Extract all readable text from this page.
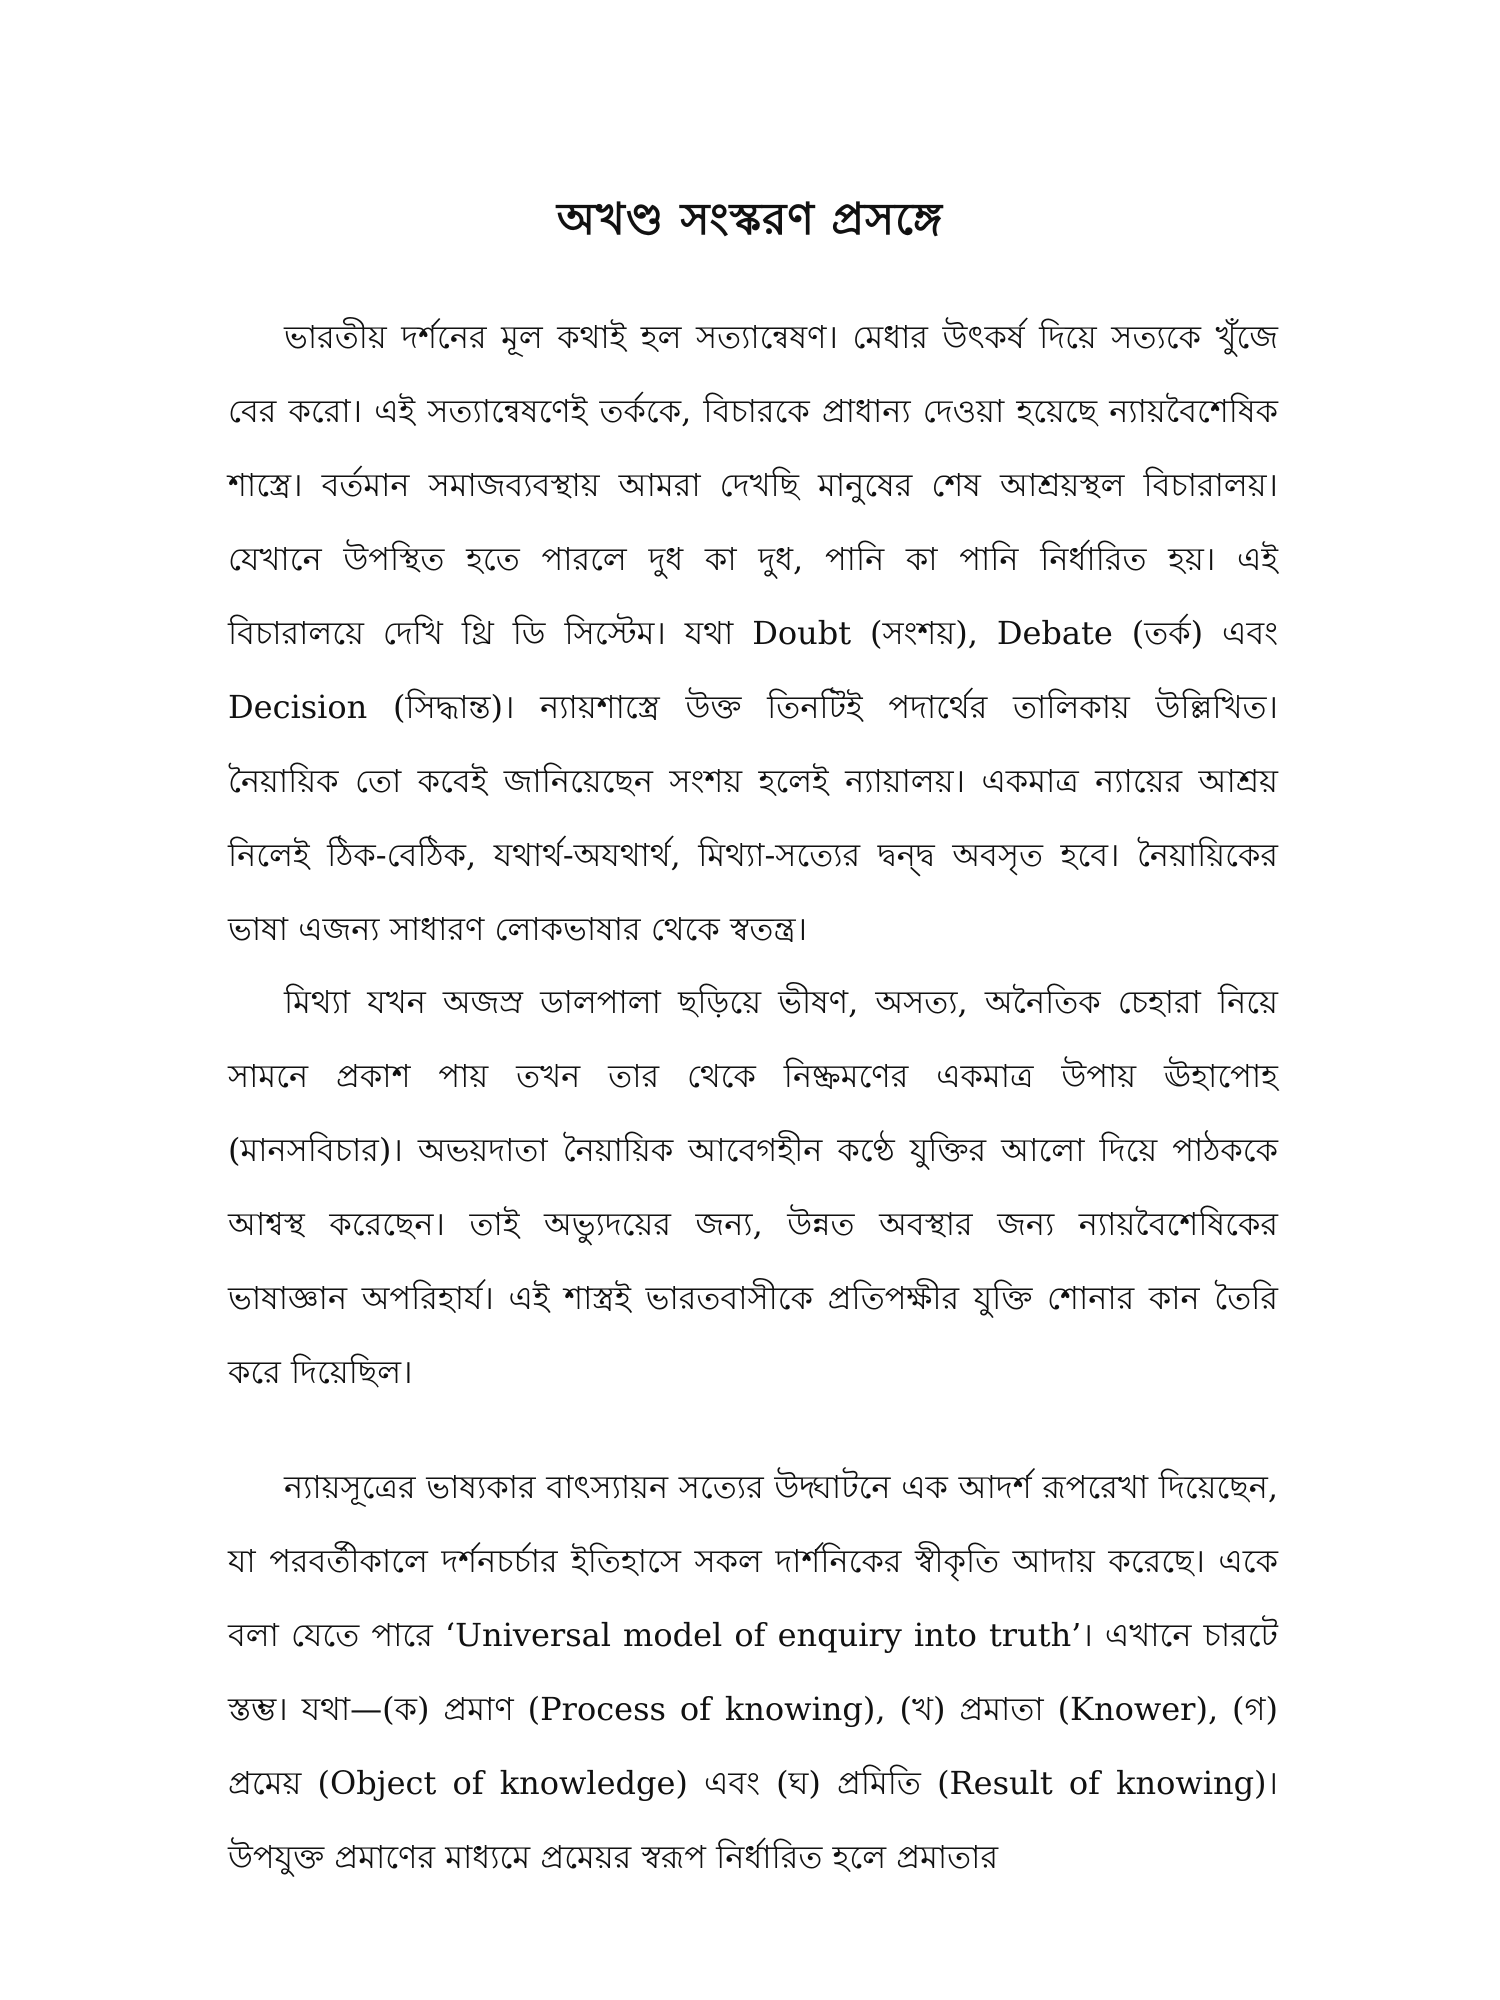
অখণ্ড সংস্করণ প্রসঙ্গে

ভারতীয় দর্শনের মূল কথাই হল সত্যান্বেষণ। মেধার উৎকর্ষ দিয়ে সত্যকে খুঁজে বের করো। এই সত্যান্বেষণেই তর্ককে, বিচারকে প্রাধান্য দেওয়া হয়েছে ন্যায়বৈশেষিক শাস্ত্রে। বর্তমান সমাজব্যবস্থায় আমরা দেখছি মানুষের শেষ আশ্রয়স্থল বিচারালয়। যেখানে উপস্থিত হতে পারলে দুধ কা দুধ, পানি কা পানি নির্ধারিত হয়। এই বিচারালয়ে দেখি থ্রি ডি সিস্টেম। যথা Doubt (সংশয়), Debate (তর্ক) এবং Decision (সিদ্ধান্ত)। ন্যায়শাস্ত্রে উক্ত তিনটিই পদার্থের তালিকায় উল্লিখিত। নৈয়ায়িক তো কবেই জানিয়েছেন সংশয় হলেই ন্যায়ালয়। একমাত্র ন্যায়ের আশ্রয় নিলেই ঠিক-বেঠিক, যথার্থ-অযথার্থ, মিথ্যা-সত্যের দ্বন্দ্ব অবসৃত হবে। নৈয়ায়িকের ভাষা এজন্য সাধারণ লোকভাষার থেকে স্বতন্ত্র।

মিথ্যা যখন অজস্র ডালপালা ছড়িয়ে ভীষণ, অসত্য, অনৈতিক চেহারা নিয়ে সামনে প্রকাশ পায় তখন তার থেকে নিষ্ক্রমণের একমাত্র উপায় ঊহাপোহ (মানসবিচার)। অভয়দাতা নৈয়ায়িক আবেগহীন কণ্ঠে যুক্তির আলো দিয়ে পাঠককে আশ্বস্থ করেছেন। তাই অভ্যুদয়ের জন্য, উন্নত অবস্থার জন্য ন্যায়বৈশেষিকের ভাষাজ্ঞান অপরিহার্য। এই শাস্ত্রই ভারতবাসীকে প্রতিপক্ষীর যুক্তি শোনার কান তৈরি করে দিয়েছিল।

ন্যায়সূত্রের ভাষ্যকার বাৎস্যায়ন সত্যের উদ্ঘাটনে এক আদর্শ রূপরেখা দিয়েছেন, যা পরবর্তীকালে দর্শনচর্চার ইতিহাসে সকল দার্শনিকের স্বীকৃতি আদায় করেছে। একে বলা যেতে পারে ‘Universal model of enquiry into truth’। এখানে চারটে স্তম্ভ। যথা—(ক) প্রমাণ (Process of knowing), (খ) প্রমাতা (Knower), (গ) প্রমেয় (Object of knowledge) এবং (ঘ) প্রমিতি (Result of knowing)। উপযুক্ত প্রমাণের মাধ্যমে প্রমেয়র স্বরূপ নির্ধারিত হলে প্রমাতার
